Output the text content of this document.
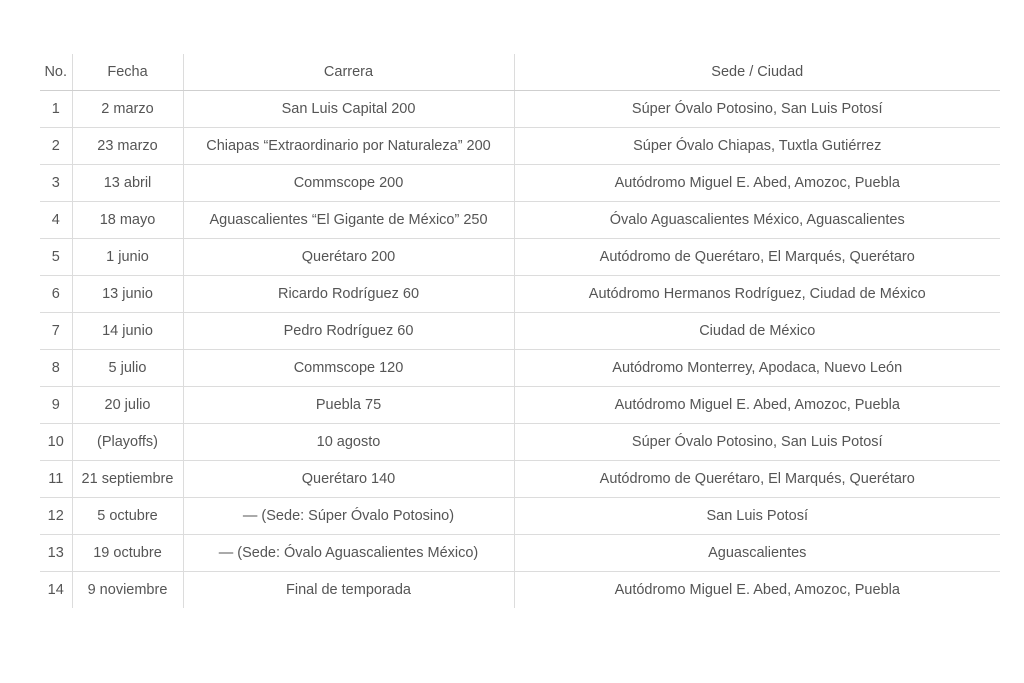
No.	Fecha	Carrera	Sede / Ciudad
1	2 marzo	San Luis Capital 200	Súper Óvalo Potosino, San Luis Potosí
2	23 marzo	Chiapas “Extraordinario por Naturaleza” 200	Súper Óvalo Chiapas, Tuxtla Gutiérrez
3	13 abril	Commscope 200	Autódromo Miguel E. Abed, Amozoc, Puebla
4	18 mayo	Aguascalientes “El Gigante de México” 250	Óvalo Aguascalientes México, Aguascalientes
5	1 junio	Querétaro 200	Autódromo de Querétaro, El Marqués, Querétaro
6	13 junio	Ricardo Rodríguez 60	Autódromo Hermanos Rodríguez, Ciudad de México
7	14 junio	Pedro Rodríguez 60	Ciudad de México
8	5 julio	Commscope 120	Autódromo Monterrey, Apodaca, Nuevo León
9	20 julio	Puebla 75	Autódromo Miguel E. Abed, Amozoc, Puebla
10	(Playoffs)	10 agosto	Súper Óvalo Potosino, San Luis Potosí
11	21 septiembre	Querétaro 140	Autódromo de Querétaro, El Marqués, Querétaro
12	5 octubre	— (Sede: Súper Óvalo Potosino)	San Luis Potosí
13	19 octubre	— (Sede: Óvalo Aguascalientes México)	Aguascalientes
14	9 noviembre	Final de temporada	Autódromo Miguel E. Abed, Amozoc, Puebla
